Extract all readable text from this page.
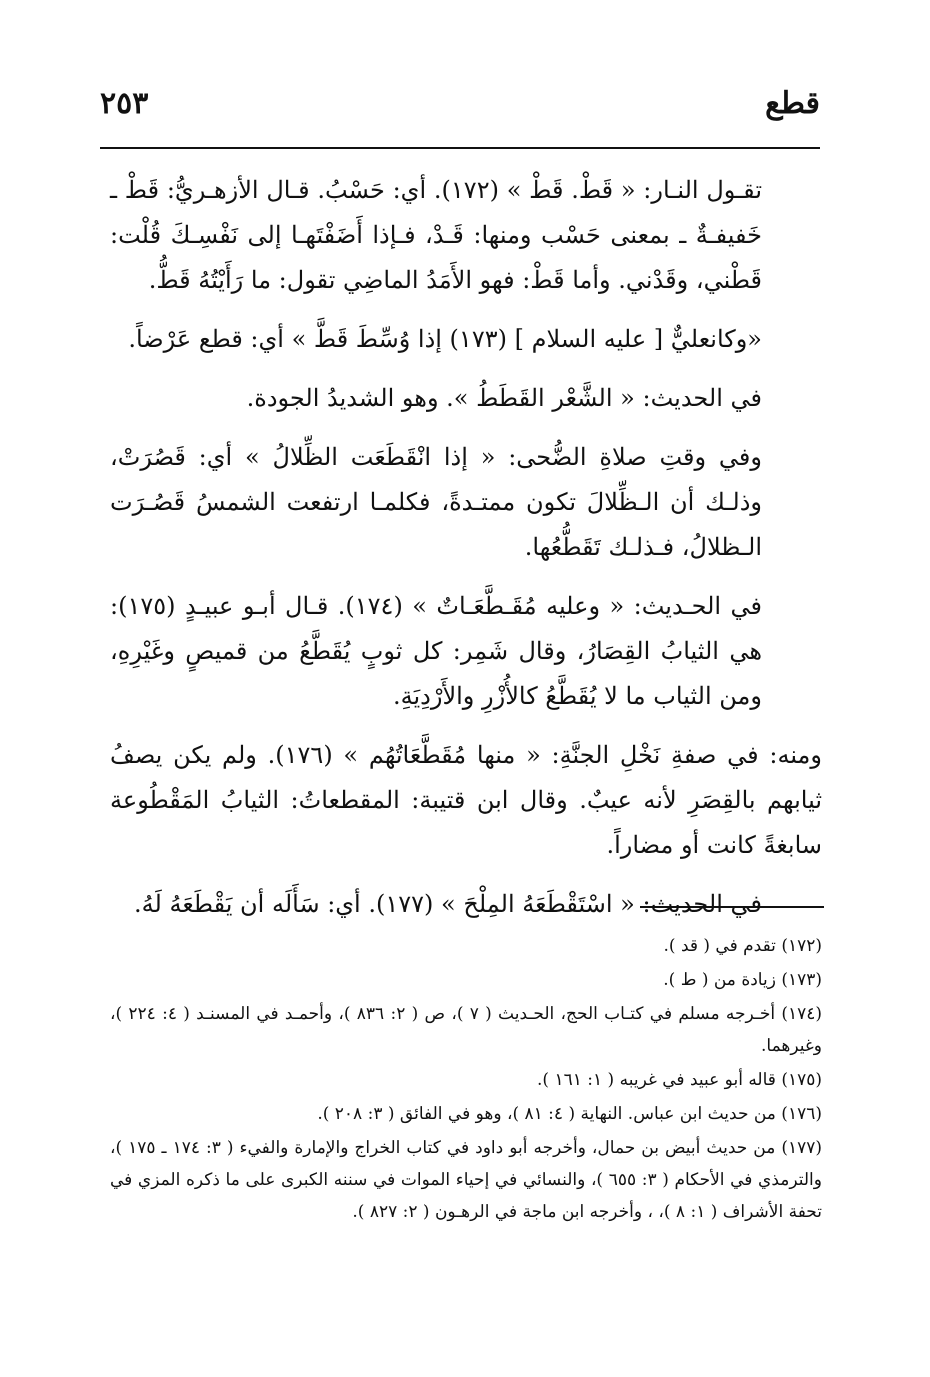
قطع
٢٥٣

تقـول النـار: « قَطْ. قَطْ » (١٧٢). أي: حَسْبُ. قـال الأزهـريُّ: قَطْ ـ خَفيفـةٌ ـ بمعنى حَسْب ومنها: قَـدْ، فـإذا أَضَفْتَهـا إلى نَفْسِـكَ قُلْت: قَطْني، وقَدْني. وأما قَطْ: فهو الأَمَدُ الماضِي تقول: ما رَأَيْتُهُ قَطُّ.

«وكانعليٌّ [ عليه السلام ] (١٧٣) إذا وُسِّطَ قَطَّ » أي: قطع عَرْضاً.

في الحديث: « الشَّعْر القَطَطُ ». وهو الشديدُ الجودة.

وفي وقتِ صلاةِ الضُّحى: « إذا انْقَطَعَت الظِّلالُ » أي: قَصُرَتْ، وذلـك أن الـظِّلالَ تكون ممتـدةً، فكلمـا ارتفعت الشمسُ قَصُـرَت الـظلالُ، فـذلـك تَقَطُّعُها.

في الحـديث: « وعليه مُقَـطَّعَـاتٌ » (١٧٤). قـال أبـو عبيـدٍ (١٧٥): هي الثيابُ القِصَارُ، وقال شَمِر: كل ثوبٍ يُقَطَّعُ من قميصٍ وغَيْرِهِ، ومن الثياب ما لا يُقَطَّعُ كالأُزْرِ والأَرْدِيَةِ.

ومنه: في صفةِ نَخْلِ الجنَّةِ: « منها مُقَطَّعَاتُهُم » (١٧٦). ولم يكن يصفُ ثيابهم بالقِصَرِ لأنه عيبٌ. وقال ابن قتيبة: المقطعاتُ: الثيابُ المَقْطُوعة سابغةً كانت أو مضاراً.

في الحديث: « اسْتَقْطَعَهُ المِلْحَ » (١٧٧). أي: سَأَلَه أن يَقْطَعَهُ لَهُ.

(١٧٢) تقدم في ( قد ).

(١٧٣) زيادة من ( ط ).

(١٧٤) أخـرجه مسلم في كتـاب الحج، الحـديث ( ٧ )، ص ( ٢: ٨٣٦ )، وأحمـد في المسنـد ( ٤: ٢٢٤ )، وغيرهما.

(١٧٥) قاله أبو عبيد في غريبه ( ١: ١٦١ ).

(١٧٦) من حديث ابن عباس. النهاية ( ٤: ٨١ )، وهو في الفائق ( ٣: ٢٠٨ ).

(١٧٧) من حديث أبيض بن حمال، وأخرجه أبو داود في كتاب الخراج والإمارة والفيء ( ٣: ١٧٤ ـ ١٧٥ )، والترمذي في الأحكام ( ٣: ٦٥٥ )، والنسائي في إحياء الموات في سننه الكبرى على ما ذكره المزي في تحفة الأشراف ( ١: ٨ )، ، وأخرجه ابن ماجة في الرهـون ( ٢: ٨٢٧ ).
